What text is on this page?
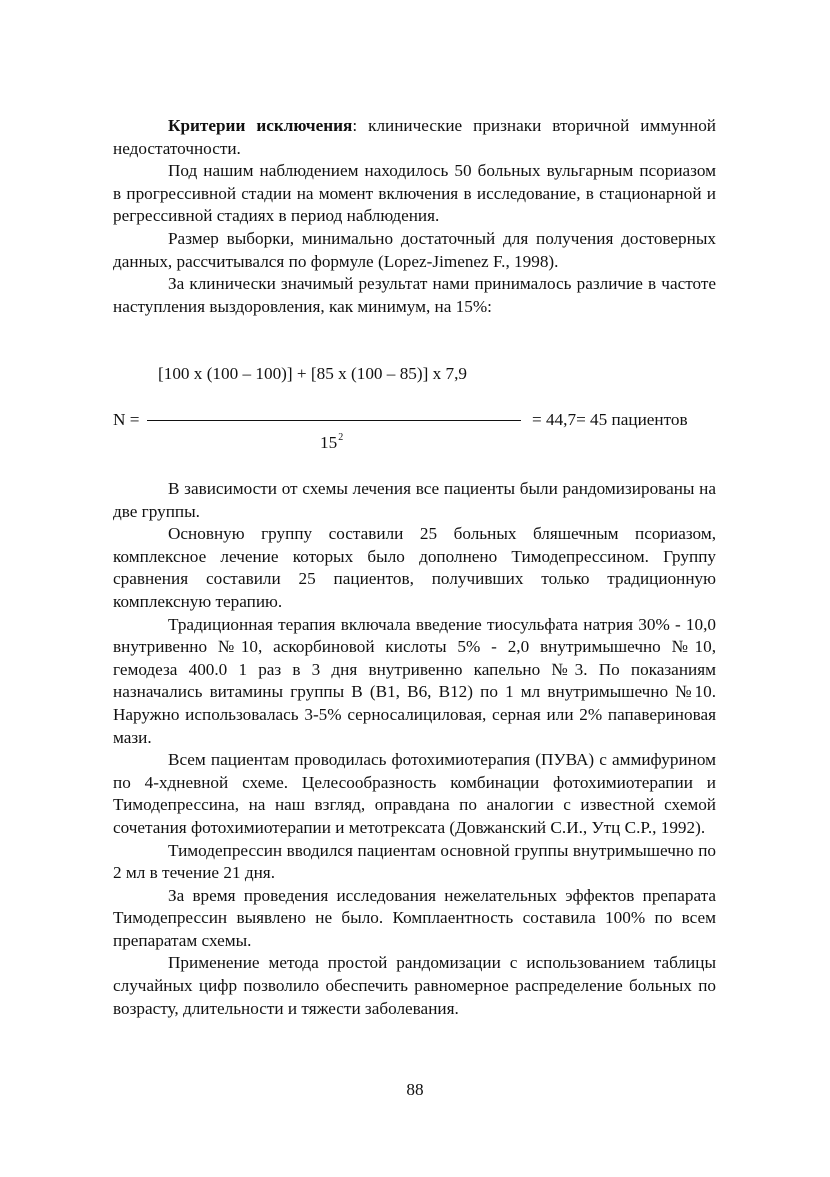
Критерии исключения: клинические признаки вторичной иммунной недостаточности.

Под нашим наблюдением находилось 50 больных вульгарным псориазом в прогрессивной стадии на момент включения в исследование, в стационарной и регрессивной стадиях в период наблюдения.

Размер выборки, минимально достаточный для получения достоверных данных, рассчитывался по формуле (Lopez-Jimenez F., 1998).

За клинически значимый результат нами принималось различие в частоте наступления выздоровления, как минимум, на 15%:

[100 х (100 – 100)] + [85 х (100 – 85)] х 7,9
N =	= 44,7= 45 пациентов
$15^2$

В зависимости от схемы лечения все пациенты были рандомизированы на две группы.

Основную группу составили 25 больных бляшечным псориазом, комплексное лечение которых было дополнено Тимодепрессином. Группу сравнения составили 25 пациентов, получивших только традиционную комплексную терапию.

Традиционная терапия включала введение тиосульфата натрия 30% - 10,0 внутривенно №10, аскорбиновой кислоты 5% - 2,0 внутримышечно №10, гемодеза 400.0 1 раз в 3 дня внутривенно капельно №3. По показаниям назначались витамины группы В (В1, В6, В12) по 1 мл внутримышечно №10. Наружно использовалась 3-5% серносалициловая, серная или 2% папавериновая мази.

Всем пациентам проводилась фотохимиотерапия (ПУВА) с аммифурином по 4-хдневной схеме. Целесообразность комбинации фотохимиотерапии и Тимодепрессина, на наш взгляд, оправдана по аналогии с известной схемой сочетания фотохимиотерапии и метотрексата (Довжанский С.И., Утц С.Р., 1992).

Тимодепрессин вводился пациентам основной группы внутримышечно по 2 мл в течение 21 дня.

За время проведения исследования нежелательных эффектов препарата Тимодепрессин выявлено не было. Комплаентность составила 100% по всем препаратам схемы.

Применение метода простой рандомизации с использованием таблицы случайных цифр позволило обеспечить равномерное распределение больных по возрасту, длительности и тяжести заболевания.

88
